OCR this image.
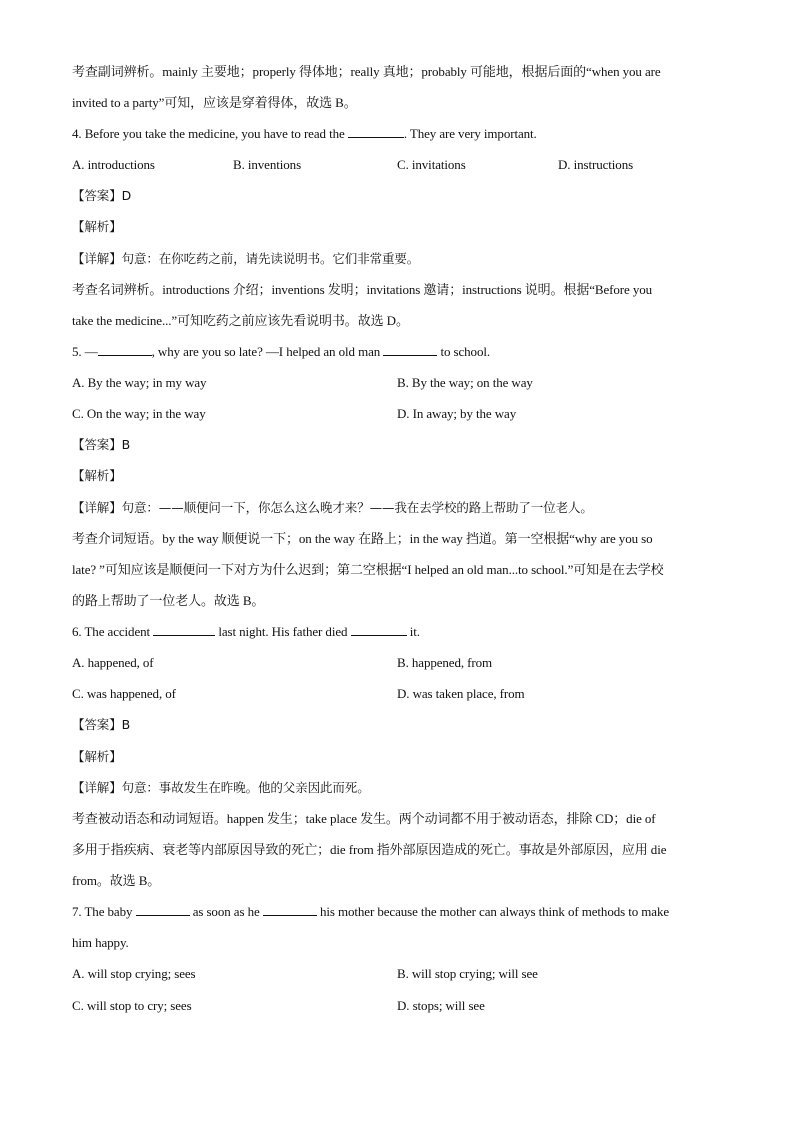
考查副词辨析。mainly 主要地；properly 得体地；really 真地；probably 可能地，根据后面的“when you are
invited to a party”可知，应该是穿着得体，故选 B。
4. Before you take the medicine, you have to read the	. They are very important.
A. introductions	B. inventions	C. invitations	D. instructions
【答案】D
【解析】
【详解】句意：在你吃药之前，请先读说明书。它们非常重要。
考查名词辨析。introductions 介绍；inventions 发明；invitations 邀请；instructions 说明。根据“Before you
take the medicine...”可知吃药之前应该先看说明书。故选 D。
5. —	, why are you so late? —I helped an old man	to school.
A. By the way; in my way	B. By the way; on the way
C. On the way; in the way	D. In away; by the way
【答案】B
【解析】
【详解】句意：——顺便问一下，你怎么这么晚才来？——我在去学校的路上帮助了一位老人。
考查介词短语。by the way 顺便说一下；on the way 在路上；in the way 挡道。第一空根据“why are you so
late? ”可知应该是顺便问一下对方为什么迟到；第二空根据“I helped an old man...to school.”可知是在去学校
的路上帮助了一位老人。故选 B。
6. The accident	last night. His father died	it.
A. happened, of	B. happened, from
C. was happened, of	D. was taken place, from
【答案】B
【解析】
【详解】句意：事故发生在昨晚。他的父亲因此而死。
考查被动语态和动词短语。happen 发生；take place 发生。两个动词都不用于被动语态，排除 CD；die of
多用于指疾病、衰老等内部原因导致的死亡；die from 指外部原因造成的死亡。事故是外部原因，应用 die
from。故选 B。
7. The baby	as soon as he	his mother because the mother can always think of methods to make
him happy.
A. will stop crying; sees	B. will stop crying; will see
C. will stop to cry; sees	D. stops; will see
